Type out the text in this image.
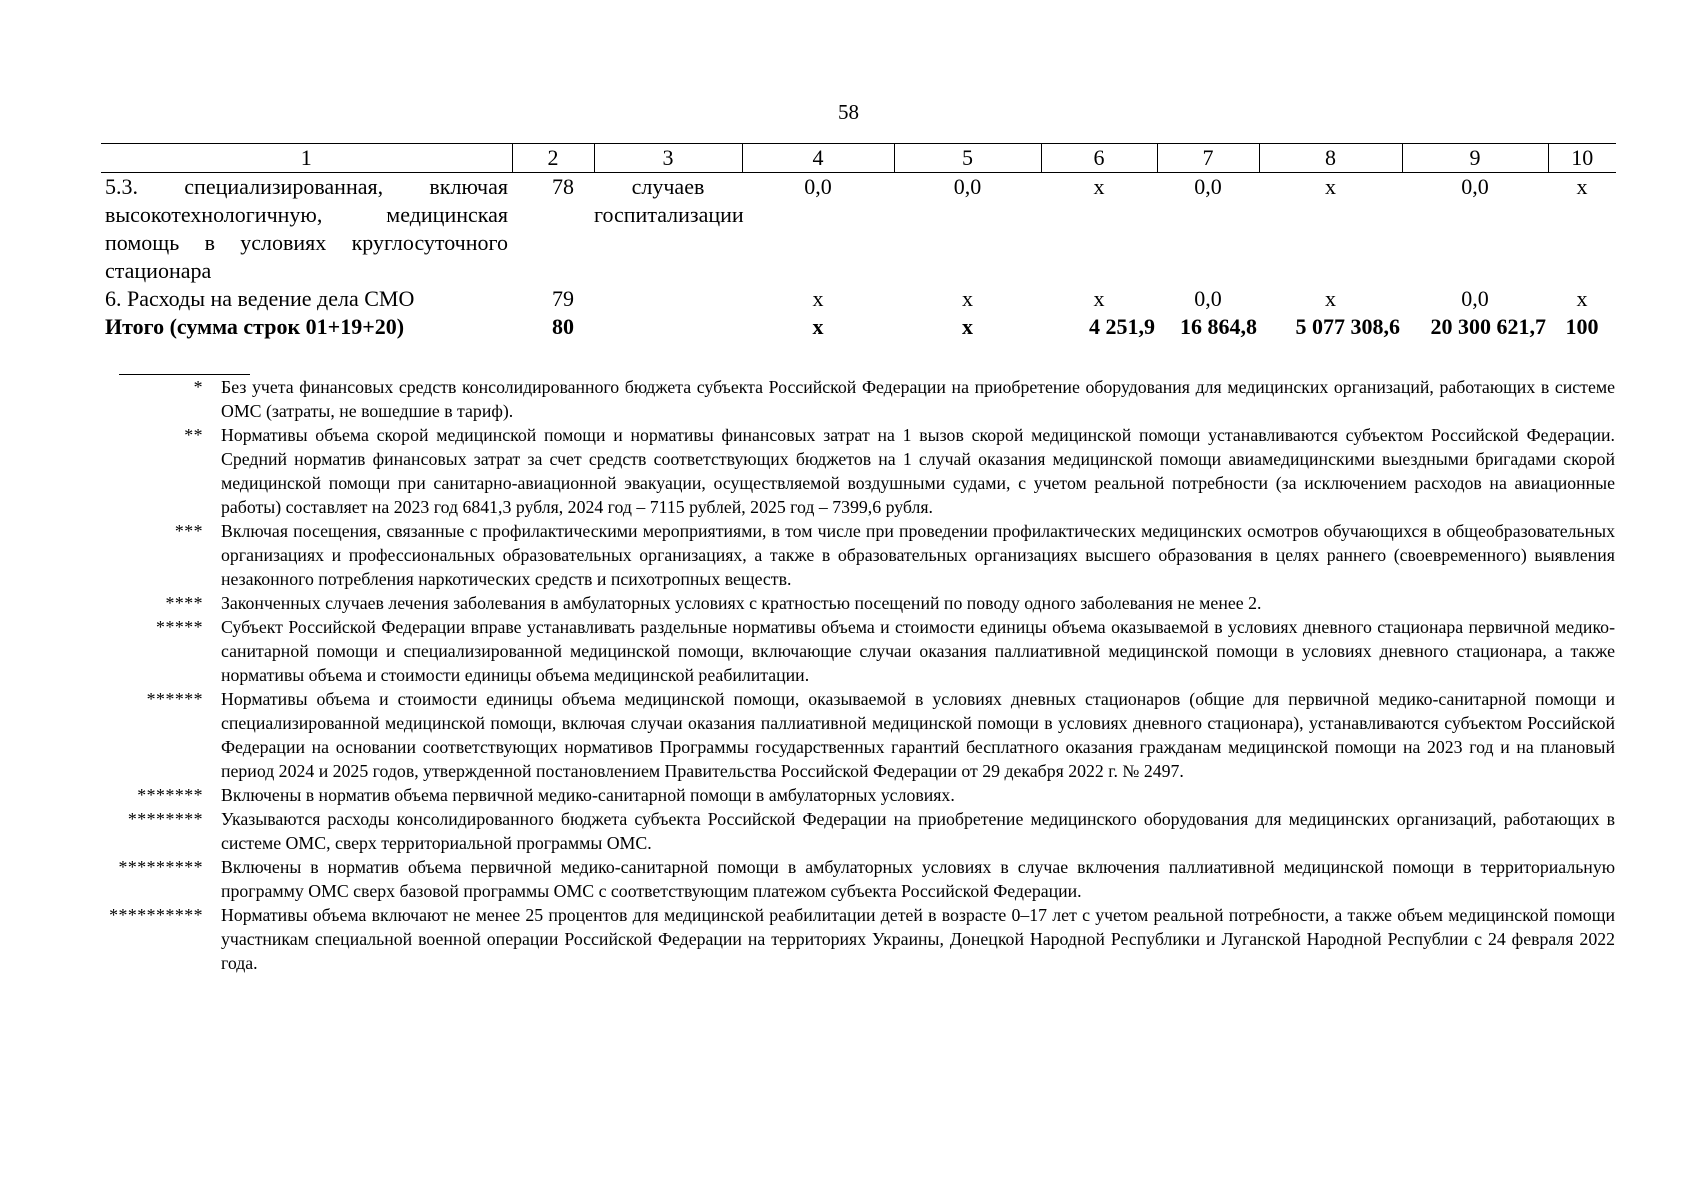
58
1	2	3	4	5	6	7	8	9	10
5.3. специализированная, включая высокотехнологичную, медицинская помощь в условиях круглосуточного стационара	78	случаев госпитализации	0,0	0,0	х	0,0	х	0,0	х
6. Расходы на ведение дела СМО	79		х	х	х	0,0	х	0,0	х
Итого (сумма строк 01+19+20)	80		х	х	4 251,9	16 864,8	5 077 308,6	20 300 621,7	100
*	Без учета финансовых средств консолидированного бюджета субъекта Российской Федерации на приобретение оборудования для медицинских организаций, работающих в системе ОМС (затраты, не вошедшие в тариф).
**	Нормативы объема скорой медицинской помощи и нормативы финансовых затрат на 1 вызов скорой медицинской помощи устанавливаются субъектом Российской Федерации. Средний норматив финансовых затрат за счет средств соответствующих бюджетов на 1 случай оказания медицинской помощи авиамедицинскими выездными бригадами скорой медицинской помощи при санитарно-авиационной эвакуации, осуществляемой воздушными судами, с учетом реальной потребности (за исключением расходов на авиационные работы) составляет на 2023 год 6841,3 рубля, 2024 год – 7115 рублей, 2025 год – 7399,6 рубля.
***	Включая посещения, связанные с профилактическими мероприятиями, в том числе при проведении профилактических медицинских осмотров обучающихся в общеобразовательных организациях и профессиональных образовательных организациях, а также в образовательных организациях высшего образования в целях раннего (своевременного) выявления незаконного потребления наркотических средств и психотропных веществ.
****	Законченных случаев лечения заболевания в амбулаторных условиях с кратностью посещений по поводу одного заболевания не менее 2.
*****	Субъект Российской Федерации вправе устанавливать раздельные нормативы объема и стоимости единицы объема оказываемой в условиях дневного стационара первичной медико-санитарной помощи и специализированной медицинской помощи, включающие случаи оказания паллиативной медицинской помощи в условиях дневного стационара, а также нормативы объема и стоимости единицы объема медицинской реабилитации.
******	Нормативы объема и стоимости единицы объема медицинской помощи, оказываемой в условиях дневных стационаров (общие для первичной медико-санитарной помощи и специализированной медицинской помощи, включая случаи оказания паллиативной медицинской помощи в условиях дневного стационара), устанавливаются субъектом Российской Федерации на основании соответствующих нормативов Программы государственных гарантий бесплатного оказания гражданам медицинской помощи на 2023 год и на плановый период 2024 и 2025 годов, утвержденной постановлением Правительства Российской Федерации от 29 декабря 2022 г. № 2497.
*******	Включены в норматив объема первичной медико-санитарной помощи в амбулаторных условиях.
********	Указываются расходы консолидированного бюджета субъекта Российской Федерации на приобретение медицинского оборудования для медицинских организаций, работающих в системе ОМС, сверх территориальной программы ОМС.
*********	Включены в норматив объема первичной медико-санитарной помощи в амбулаторных условиях в случае включения паллиативной медицинской помощи в территориальную программу ОМС сверх базовой программы ОМС с соответствующим платежом субъекта Российской Федерации.
**********	Нормативы объема включают не менее 25 процентов для медицинской реабилитации детей в возрасте 0–17 лет с учетом реальной потребности, а также объем медицинской помощи участникам специальной военной операции Российской Федерации на территориях Украины, Донецкой Народной Республики и Луганской Народной Республии с 24 февраля 2022 года.
